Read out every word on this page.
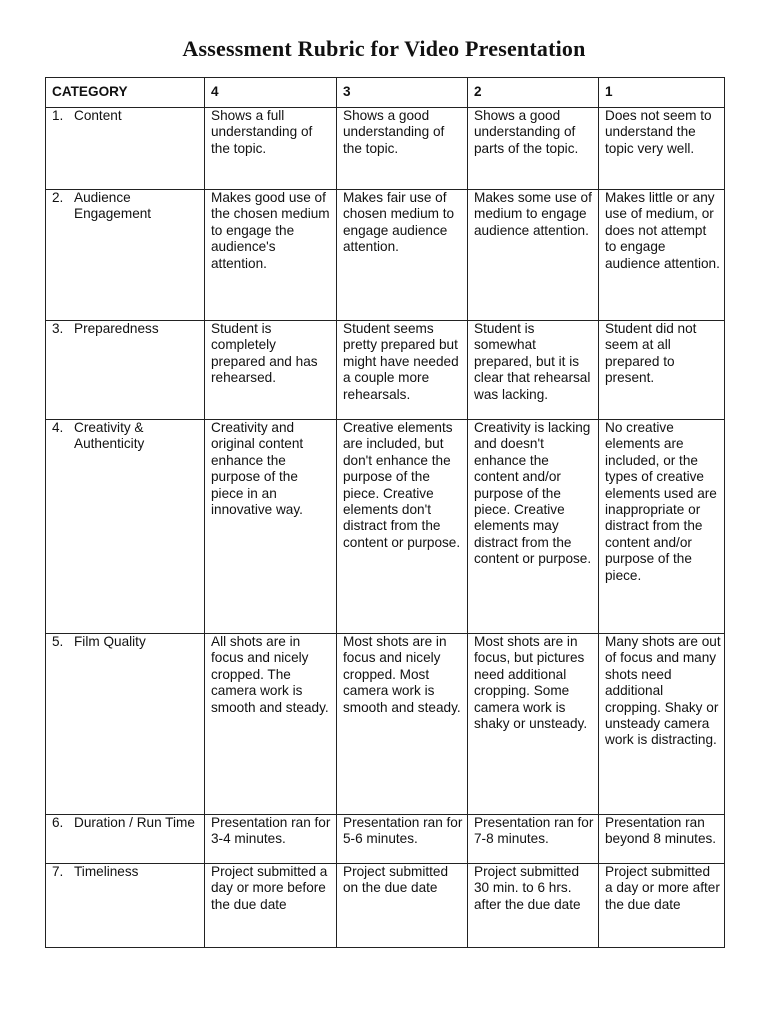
Assessment Rubric for Video Presentation
CATEGORY	4	3	2	1
1. Content	Shows a full understanding of the topic.	Shows a good understanding of the topic.	Shows a good understanding of parts of the topic.	Does not seem to understand the topic very well.
2. Audience Engagement	Makes good use of the chosen medium to engage the audience's attention.	Makes fair use of chosen medium to engage audience attention.	Makes some use of medium to engage audience attention.	Makes little or any use of medium, or does not attempt to engage audience attention.
3. Preparedness	Student is completely prepared and has rehearsed.	Student seems pretty prepared but might have needed a couple more rehearsals.	Student is somewhat prepared, but it is clear that rehearsal was lacking.	Student did not seem at all prepared to present.
4. Creativity & Authenticity	Creativity and original content enhance the purpose of the piece in an innovative way.	Creative elements are included, but don't enhance the purpose of the piece. Creative elements don't distract from the content or purpose.	Creativity is lacking and doesn't enhance the content and/or purpose of the piece. Creative elements may distract from the content or purpose.	No creative elements are included, or the types of creative elements used are inappropriate or distract from the content and/or purpose of the piece.
5. Film Quality	All shots are in focus and nicely cropped. The camera work is smooth and steady.	Most shots are in focus and nicely cropped. Most camera work is smooth and steady.	Most shots are in focus, but pictures need additional cropping. Some camera work is shaky or unsteady.	Many shots are out of focus and many shots need additional cropping. Shaky or unsteady camera work is distracting.
6. Duration / Run Time	Presentation ran for 3-4 minutes.	Presentation ran for 5-6 minutes.	Presentation ran for 7-8 minutes.	Presentation ran beyond 8 minutes.
7. Timeliness	Project submitted a day or more before the due date	Project submitted on the due date	Project submitted 30 min. to 6 hrs. after the due date	Project submitted a day or more after the due date
